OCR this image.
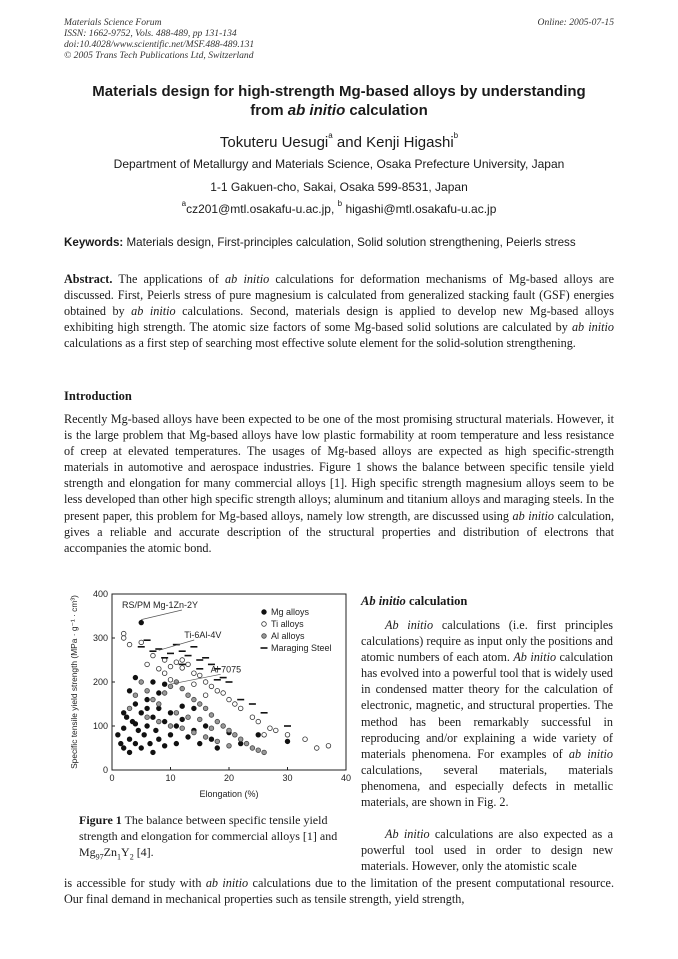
Materials Science Forum
ISSN: 1662-9752, Vols. 488-489, pp 131-134
doi:10.4028/www.scientific.net/MSF.488-489.131
© 2005 Trans Tech Publications Ltd, Switzerland
Online: 2005-07-15
Materials design for high-strength Mg-based alloys by understanding
from ab initio calculation
Tokuteru Uesugi$^a$ and Kenji Higashi$^b$
Department of Metallurgy and Materials Science, Osaka Prefecture University, Japan
1-1 Gakuen-cho, Sakai, Osaka 599-8531, Japan
$^a$cz201@mtl.osakafu-u.ac.jp, $^b$ higashi@mtl.osakafu-u.ac.jp
Keywords: Materials design, First-principles calculation, Solid solution strengthening, Peierls stress
Abstract. The applications of ab initio calculations for deformation mechanisms of Mg-based alloys are discussed. First, Peierls stress of pure magnesium is calculated from generalized stacking fault (GSF) energies obtained by ab initio calculations. Second, materials design is applied to develop new Mg-based alloys exhibiting high strength. The atomic size factors of some Mg-based solid solutions are calculated by ab initio calculations as a first step of searching most effective solute element for the solid-solution strengthening.
Introduction
Recently Mg-based alloys have been expected to be one of the most promising structural materials. However, it is the large problem that Mg-based alloys have low plastic formability at room temperature and less resistance of creep at elevated temperatures. The usages of Mg-based alloys are expected as high specific-strength materials in automotive and aerospace industries. Figure 1 shows the balance between specific tensile yield strength and elongation for many commercial alloys [1]. High specific strength magnesium alloys seem to be less developed than other high specific strength alloys; aluminum and titanium alloys and maraging steels. In the present paper, this problem for Mg-based alloys, namely low strength, are discussed using ab initio calculation, gives a reliable and accurate description of the structural properties and distribution of electrons that accompanies the atomic bond.
0	10	20	30	40
0
100
200
300
400
Elongation (%)
Specific tensile yield strength (MPa · g⁻¹ · cm³)	RS/PM Mg-1Zn-2Y
Ti-6Al-4V
Al 7075
Mg alloys
Ti alloys
Al alloys
Maraging Steel
Figure 1 The balance between specific tensile yield strength and elongation for commercial alloys [1] and $Mg_{97}Zn_1Y_2$ [4].
Ab initio calculation
Ab initio calculations (i.e. first principles calculations) require as input only the positions and atomic numbers of each atom. Ab initio calculation has evolved into a powerful tool that is widely used in condensed matter theory for the calculation of electronic, magnetic, and structural properties. The method has been remarkably successful in reproducing and/or explaining a wide variety of materials phenomena. For examples of ab initio calculations, several materials, materials phenomena, and especially defects in metallic materials, are shown in Fig. 2.
Ab initio calculations are also expected as a powerful tool used in order to design new materials. However, only the atomistic scale
is accessible for study with ab initio calculations due to the limitation of the present computational resource. Our final demand in mechanical properties such as tensile strength, yield strength,
